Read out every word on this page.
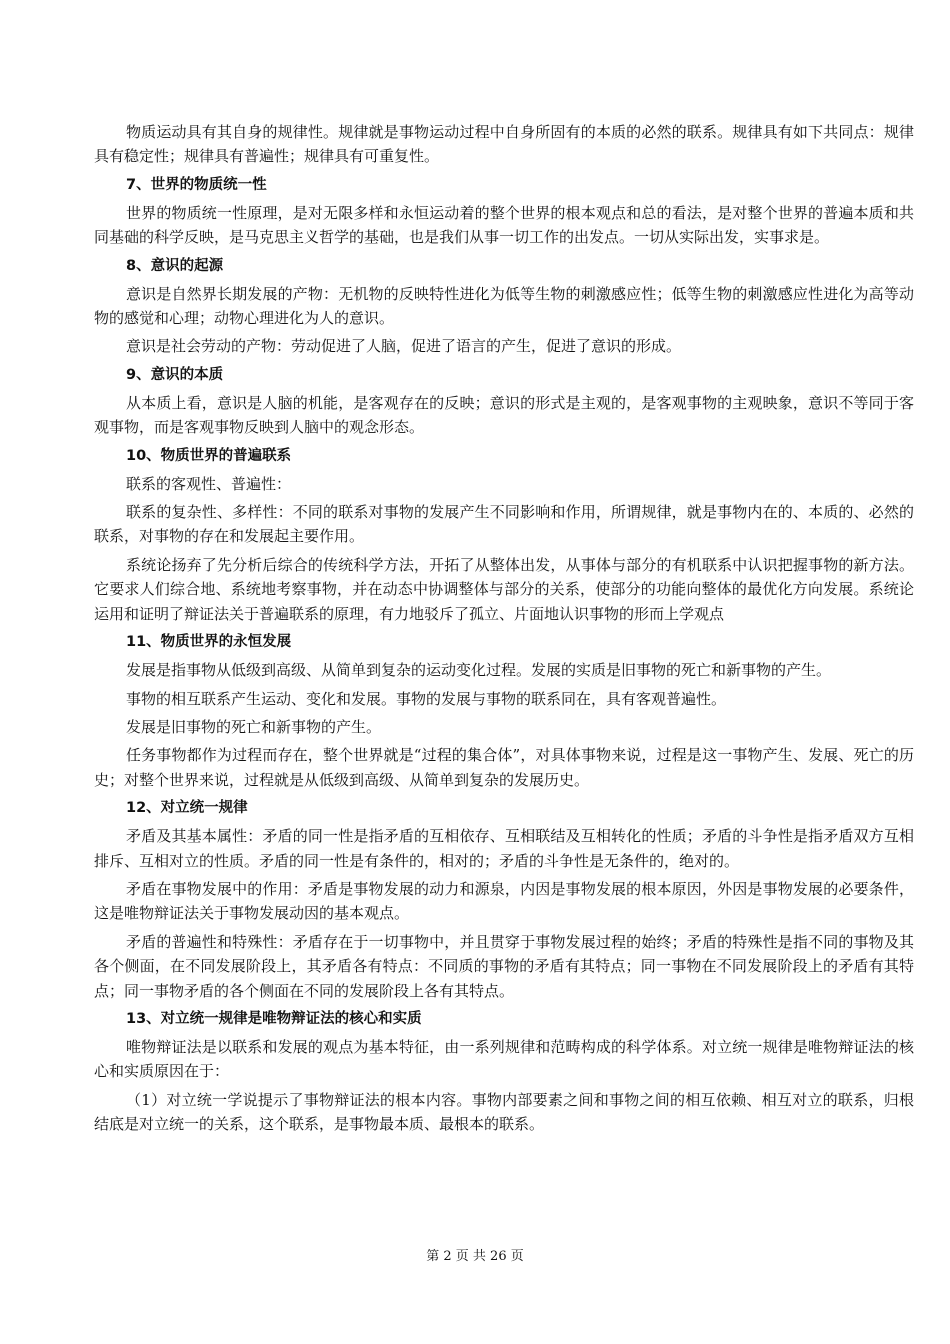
物质运动具有其自身的规律性。规律就是事物运动过程中自身所固有的本质的必然的联系。规律具有如下共同点：规律具有稳定性；规律具有普遍性；规律具有可重复性。

7、世界的物质统一性

世界的物质统一性原理，是对无限多样和永恒运动着的整个世界的根本观点和总的看法，是对整个世界的普遍本质和共同基础的科学反映，是马克思主义哲学的基础，也是我们从事一切工作的出发点。一切从实际出发，实事求是。

8、意识的起源

意识是自然界长期发展的产物：无机物的反映特性进化为低等生物的刺激感应性；低等生物的刺激感应性进化为高等动物的感觉和心理；动物心理进化为人的意识。

意识是社会劳动的产物：劳动促进了人脑，促进了语言的产生，促进了意识的形成。

9、意识的本质

从本质上看，意识是人脑的机能，是客观存在的反映；意识的形式是主观的，是客观事物的主观映象，意识不等同于客观事物，而是客观事物反映到人脑中的观念形态。

10、物质世界的普遍联系

联系的客观性、普遍性：

联系的复杂性、多样性：不同的联系对事物的发展产生不同影响和作用，所谓规律，就是事物内在的、本质的、必然的联系，对事物的存在和发展起主要作用。

系统论扬弃了先分析后综合的传统科学方法，开拓了从整体出发，从事体与部分的有机联系中认识把握事物的新方法。它要求人们综合地、系统地考察事物，并在动态中协调整体与部分的关系，使部分的功能向整体的最优化方向发展。系统论运用和证明了辩证法关于普遍联系的原理，有力地驳斥了孤立、片面地认识事物的形而上学观点

11、物质世界的永恒发展

发展是指事物从低级到高级、从简单到复杂的运动变化过程。发展的实质是旧事物的死亡和新事物的产生。

事物的相互联系产生运动、变化和发展。事物的发展与事物的联系同在，具有客观普遍性。

发展是旧事物的死亡和新事物的产生。

任务事物都作为过程而存在，整个世界就是“过程的集合体”，对具体事物来说，过程是这一事物产生、发展、死亡的历史；对整个世界来说，过程就是从低级到高级、从简单到复杂的发展历史。

12、对立统一规律

矛盾及其基本属性：矛盾的同一性是指矛盾的互相依存、互相联结及互相转化的性质；矛盾的斗争性是指矛盾双方互相排斥、互相对立的性质。矛盾的同一性是有条件的，相对的；矛盾的斗争性是无条件的，绝对的。

矛盾在事物发展中的作用：矛盾是事物发展的动力和源泉，内因是事物发展的根本原因，外因是事物发展的必要条件，这是唯物辩证法关于事物发展动因的基本观点。

矛盾的普遍性和特殊性：矛盾存在于一切事物中，并且贯穿于事物发展过程的始终；矛盾的特殊性是指不同的事物及其各个侧面，在不同发展阶段上，其矛盾各有特点：不同质的事物的矛盾有其特点；同一事物在不同发展阶段上的矛盾有其特点；同一事物矛盾的各个侧面在不同的发展阶段上各有其特点。

13、对立统一规律是唯物辩证法的核心和实质

唯物辩证法是以联系和发展的观点为基本特征，由一系列规律和范畴构成的科学体系。对立统一规律是唯物辩证法的核心和实质原因在于：

（1）对立统一学说提示了事物辩证法的根本内容。事物内部要素之间和事物之间的相互依赖、相互对立的联系，归根结底是对立统一的关系，这个联系，是事物最本质、最根本的联系。

第 2 页 共 26 页
